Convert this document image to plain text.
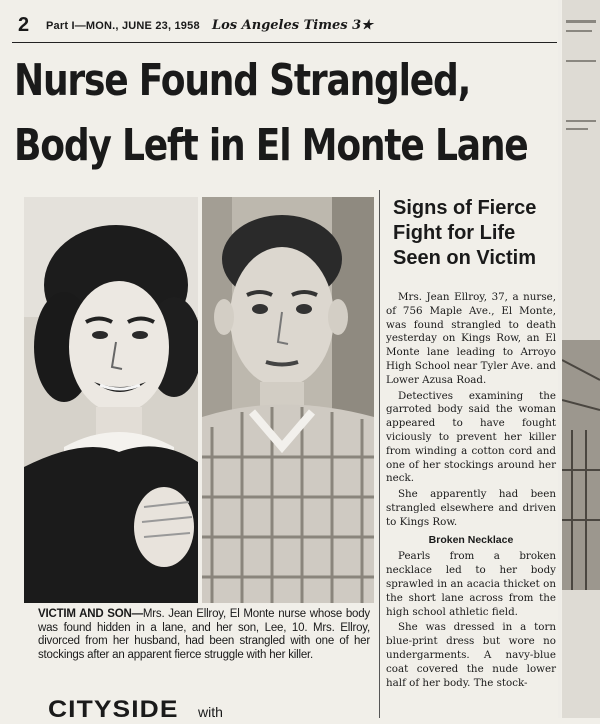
2 Part I—MON., JUNE 23, 1958 Los Angeles Times 3★
Nurse Found Strangled,
Body Left in El Monte Lane
VICTIM AND SON—Mrs. Jean Ellroy, El Monte nurse whose body was found hidden in a lane, and her son, Lee, 10. Mrs. Ellroy, divorced from her husband, had been strangled with one of her stockings after an apparent fierce struggle with her killer.
CITYSIDE with
Signs of Fierce
Fight for Life
Seen on Victim

Mrs. Jean Ellroy, 37, a nurse, of 756 Maple Ave., El Monte, was found strangled to death yesterday on Kings Row, an El Monte lane leading to Arroyo High School near Tyler Ave. and Lower Azusa Road.

Detectives examining the garroted body said the woman appeared to have fought viciously to prevent her killer from winding a cotton cord and one of her stockings around her neck.

She apparently had been strangled elsewhere and driven to Kings Row.

Broken Necklace

Pearls from a broken necklace led to her body sprawled in an acacia thicket on the short lane across from the high school athletic field.

She was dressed in a torn blue-print dress but wore no undergarments. A navy-blue coat covered the nude lower half of her body. The stock-
